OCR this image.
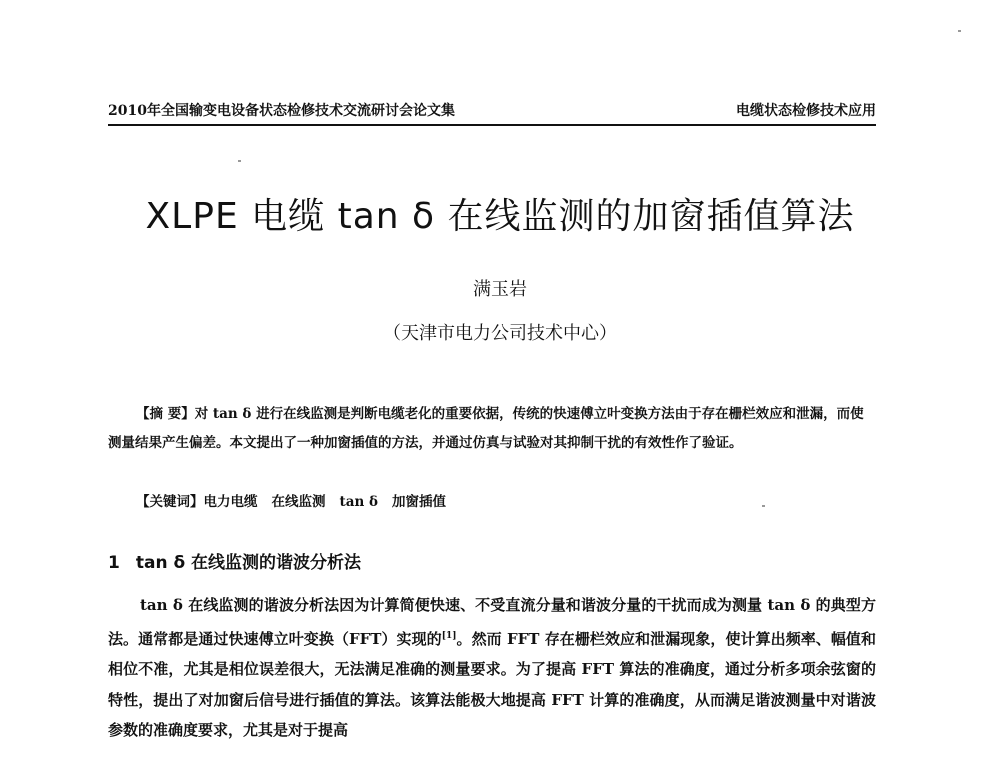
2010年全国输变电设备状态检修技术交流研讨会论文集	电缆状态检修技术应用
XLPE 电缆 tan δ 在线监测的加窗插值算法
满玉岩
（天津市电力公司技术中心）

【摘 要】对 tan δ 进行在线监测是判断电缆老化的重要依据，传统的快速傅立叶变换方法由于存在栅栏效应和泄漏，而使测量结果产生偏差。本文提出了一种加窗插值的方法，并通过仿真与试验对其抑制干扰的有效性作了验证。

【关键词】电力电缆 在线监测 tan δ 加窗插值

1 tan δ 在线监测的谐波分析法

tan δ 在线监测的谐波分析法因为计算简便快速、不受直流分量和谐波分量的干扰而成为测量 tan δ 的典型方法。通常都是通过快速傅立叶变换（FFT）实现的[1]。然而 FFT 存在栅栏效应和泄漏现象，使计算出频率、幅值和相位不准，尤其是相位误差很大，无法满足准确的测量要求。为了提高 FFT 算法的准确度，通过分析多项余弦窗的特性，提出了对加窗后信号进行插值的算法。该算法能极大地提高 FFT 计算的准确度，从而满足谐波测量中对谐波参数的准确度要求，尤其是对于提高
